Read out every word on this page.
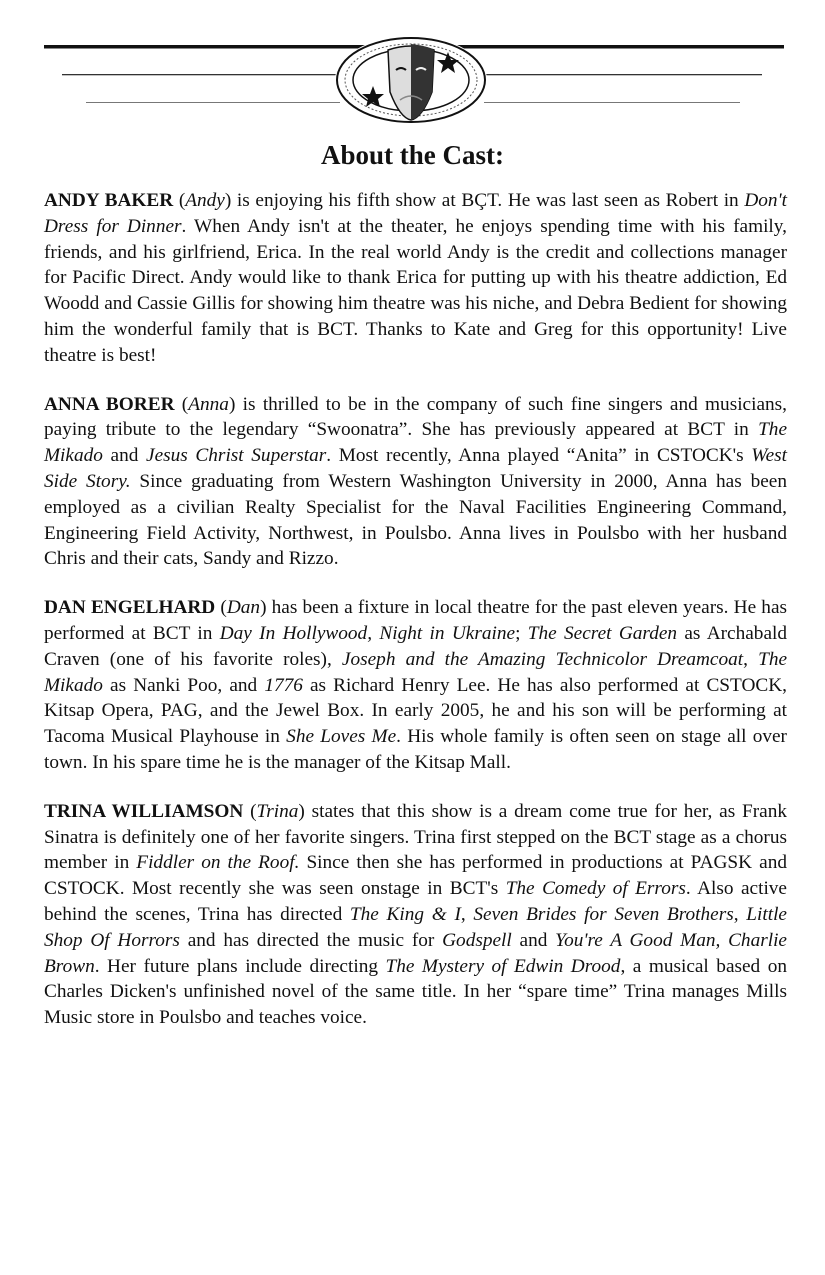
About the Cast:

ANDY BAKER (Andy) is enjoying his fifth show at BÇT. He was last seen as Robert in Don't Dress for Dinner. When Andy isn't at the theater, he enjoys spending time with his family, friends, and his girlfriend, Erica. In the real world Andy is the credit and collections manager for Pacific Direct. Andy would like to thank Erica for putting up with his theatre addiction, Ed Woodd and Cassie Gillis for showing him theatre was his niche, and Debra Bedient for showing him the wonderful family that is BCT. Thanks to Kate and Greg for this opportunity! Live theatre is best!

ANNA BORER (Anna) is thrilled to be in the company of such fine singers and musicians, paying tribute to the legendary “Swoonatra”. She has previously appeared at BCT in The Mikado and Jesus Christ Superstar. Most recently, Anna played “Anita” in CSTOCK's West Side Story. Since graduating from Western Washington University in 2000, Anna has been employed as a civilian Realty Specialist for the Naval Facilities Engineering Command, Engineering Field Activity, Northwest, in Poulsbo. Anna lives in Poulsbo with her husband Chris and their cats, Sandy and Rizzo.

DAN ENGELHARD (Dan) has been a fixture in local theatre for the past eleven years. He has performed at BCT in Day In Hollywood, Night in Ukraine; The Secret Garden as Archabald Craven (one of his favorite roles), Joseph and the Amazing Technicolor Dreamcoat, The Mikado as Nanki Poo, and 1776 as Richard Henry Lee. He has also performed at CSTOCK, Kitsap Opera, PAG, and the Jewel Box. In early 2005, he and his son will be performing at Tacoma Musical Playhouse in She Loves Me. His whole family is often seen on stage all over town. In his spare time he is the manager of the Kitsap Mall.

TRINA WILLIAMSON (Trina) states that this show is a dream come true for her, as Frank Sinatra is definitely one of her favorite singers. Trina first stepped on the BCT stage as a chorus member in Fiddler on the Roof. Since then she has performed in productions at PAGSK and CSTOCK. Most recently she was seen onstage in BCT's The Comedy of Errors. Also active behind the scenes, Trina has directed The King & I, Seven Brides for Seven Brothers, Little Shop Of Horrors and has directed the music for Godspell and You're A Good Man, Charlie Brown. Her future plans include directing The Mystery of Edwin Drood, a musical based on Charles Dicken's unfinished novel of the same title. In her “spare time” Trina manages Mills Music store in Poulsbo and teaches voice.
